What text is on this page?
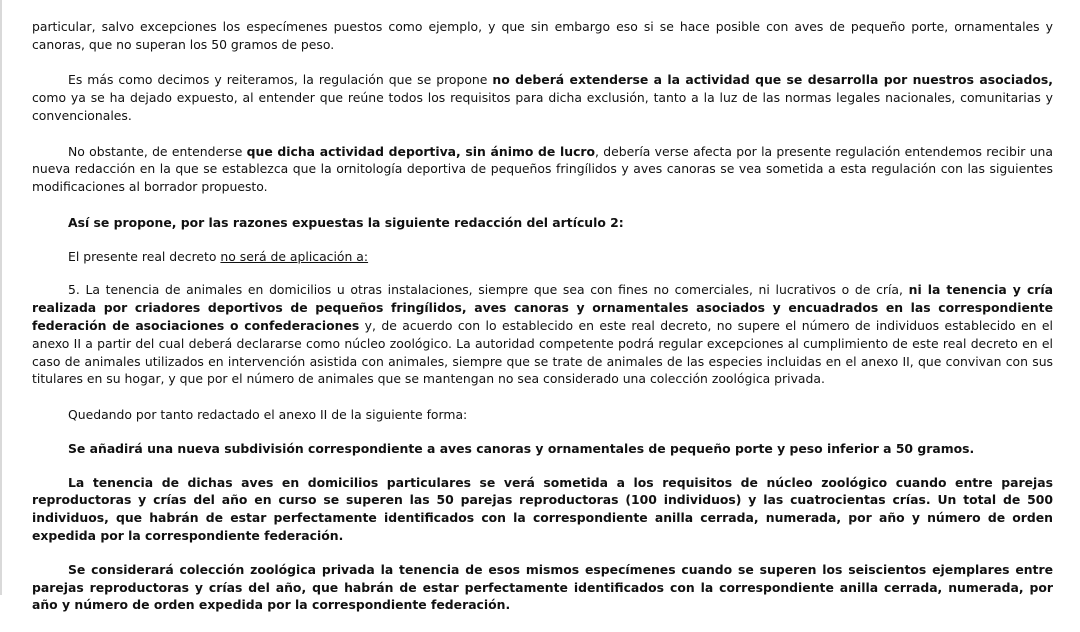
particular, salvo excepciones los especímenes puestos como ejemplo, y que sin embargo eso si se hace posible con aves de pequeño porte, ornamentales y canoras, que no superan los 50 gramos de peso.

Es más como decimos y reiteramos, la regulación que se propone no deberá extenderse a la actividad que se desarrolla por nuestros asociados, como ya se ha dejado expuesto, al entender que reúne todos los requisitos para dicha exclusión, tanto a la luz de las normas legales nacionales, comunitarias y convencionales.

No obstante, de entenderse que dicha actividad deportiva, sin ánimo de lucro, debería verse afecta por la presente regulación entendemos recibir una nueva redacción en la que se establezca que la ornitología deportiva de pequeños fringílidos y aves canoras se vea sometida a esta regulación con las siguientes modificaciones al borrador propuesto.

Así se propone, por las razones expuestas la siguiente redacción del artículo 2:

El presente real decreto no será de aplicación a:

5. La tenencia de animales en domicilios u otras instalaciones, siempre que sea con fines no comerciales, ni lucrativos o de cría, ni la tenencia y cría realizada por criadores deportivos de pequeños fringílidos, aves canoras y ornamentales asociados y encuadrados en las correspondiente federación de asociaciones o confederaciones y, de acuerdo con lo establecido en este real decreto, no supere el número de individuos establecido en el anexo II a partir del cual deberá declararse como núcleo zoológico. La autoridad competente podrá regular excepciones al cumplimiento de este real decreto en el caso de animales utilizados en intervención asistida con animales, siempre que se trate de animales de las especies incluidas en el anexo II, que convivan con sus titulares en su hogar, y que por el número de animales que se mantengan no sea considerado una colección zoológica privada.

Quedando por tanto redactado el anexo II de la siguiente forma:

Se añadirá una nueva subdivisión correspondiente a aves canoras y ornamentales de pequeño porte y peso inferior a 50 gramos.

La tenencia de dichas aves en domicilios particulares se verá sometida a los requisitos de núcleo zoológico cuando entre parejas reproductoras y crías del año en curso se superen las 50 parejas reproductoras (100 individuos) y las cuatrocientas crías. Un total de 500 individuos, que habrán de estar perfectamente identificados con la correspondiente anilla cerrada, numerada, por año y número de orden expedida por la correspondiente federación.

Se considerará colección zoológica privada la tenencia de esos mismos especímenes cuando se superen los seiscientos ejemplares entre parejas reproductoras y crías del año, que habrán de estar perfectamente identificados con la correspondiente anilla cerrada, numerada, por año y número de orden expedida por la correspondiente federación.
